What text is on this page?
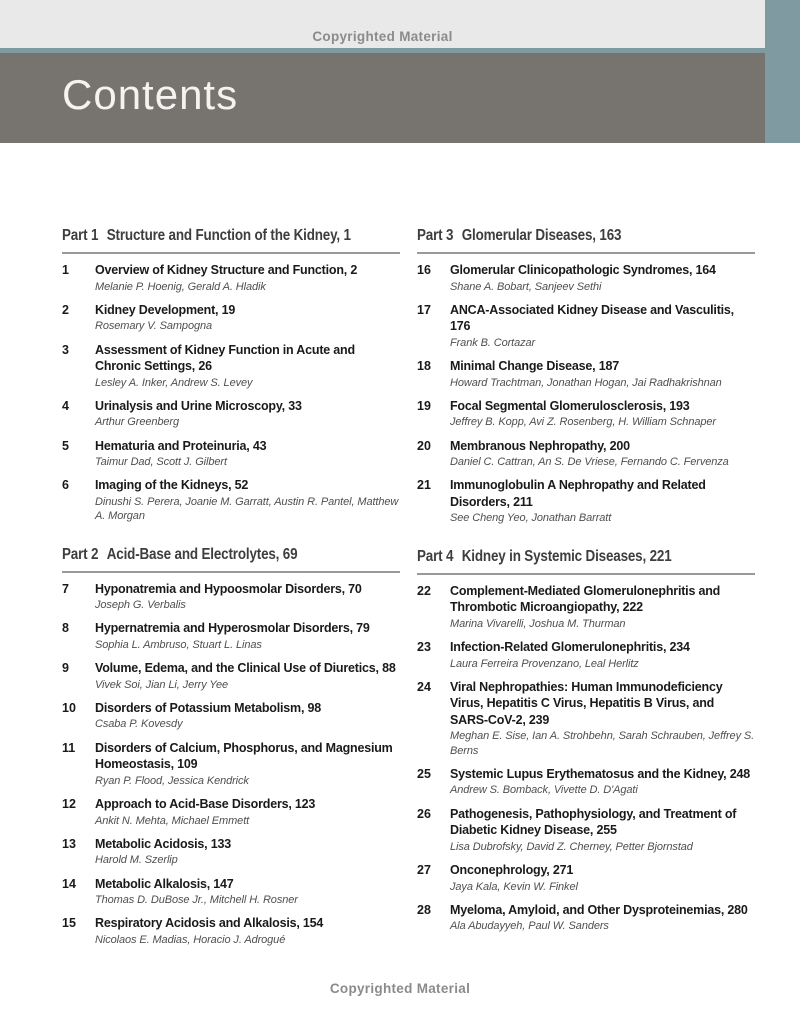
Copyrighted Material
Contents
Part 1 Structure and Function of the Kidney, 1
1	Overview of Kidney Structure and Function, 2
Melanie P. Hoenig, Gerald A. Hladik
2	Kidney Development, 19
Rosemary V. Sampogna
3	Assessment of Kidney Function in Acute and Chronic Settings, 26
Lesley A. Inker, Andrew S. Levey
4	Urinalysis and Urine Microscopy, 33
Arthur Greenberg
5	Hematuria and Proteinuria, 43
Taimur Dad, Scott J. Gilbert
6	Imaging of the Kidneys, 52
Dinushi S. Perera, Joanie M. Garratt, Austin R. Pantel, Matthew A. Morgan
Part 2 Acid-Base and Electrolytes, 69
7	Hyponatremia and Hypoosmolar Disorders, 70
Joseph G. Verbalis
8	Hypernatremia and Hyperosmolar Disorders, 79
Sophia L. Ambruso, Stuart L. Linas
9	Volume, Edema, and the Clinical Use of Diuretics, 88
Vivek Soi, Jian Li, Jerry Yee
10	Disorders of Potassium Metabolism, 98
Csaba P. Kovesdy
11	Disorders of Calcium, Phosphorus, and Magnesium Homeostasis, 109
Ryan P. Flood, Jessica Kendrick
12	Approach to Acid-Base Disorders, 123
Ankit N. Mehta, Michael Emmett
13	Metabolic Acidosis, 133
Harold M. Szerlip
14	Metabolic Alkalosis, 147
Thomas D. DuBose Jr., Mitchell H. Rosner
15	Respiratory Acidosis and Alkalosis, 154
Nicolaos E. Madias, Horacio J. Adrogué
Part 3 Glomerular Diseases, 163
16	Glomerular Clinicopathologic Syndromes, 164
Shane A. Bobart, Sanjeev Sethi
17	ANCA-Associated Kidney Disease and Vasculitis, 176
Frank B. Cortazar
18	Minimal Change Disease, 187
Howard Trachtman, Jonathan Hogan, Jai Radhakrishnan
19	Focal Segmental Glomerulosclerosis, 193
Jeffrey B. Kopp, Avi Z. Rosenberg, H. William Schnaper
20	Membranous Nephropathy, 200
Daniel C. Cattran, An S. De Vriese, Fernando C. Fervenza
21	Immunoglobulin A Nephropathy and Related Disorders, 211
See Cheng Yeo, Jonathan Barratt
Part 4 Kidney in Systemic Diseases, 221
22	Complement-Mediated Glomerulonephritis and Thrombotic Microangiopathy, 222
Marina Vivarelli, Joshua M. Thurman
23	Infection-Related Glomerulonephritis, 234
Laura Ferreira Provenzano, Leal Herlitz
24	Viral Nephropathies: Human Immunodeficiency Virus, Hepatitis C Virus, Hepatitis B Virus, and SARS-CoV-2, 239
Meghan E. Sise, Ian A. Strohbehn, Sarah Schrauben, Jeffrey S. Berns
25	Systemic Lupus Erythematosus and the Kidney, 248
Andrew S. Bomback, Vivette D. D'Agati
26	Pathogenesis, Pathophysiology, and Treatment of Diabetic Kidney Disease, 255
Lisa Dubrofsky, David Z. Cherney, Petter Bjornstad
27	Onconephrology, 271
Jaya Kala, Kevin W. Finkel
28	Myeloma, Amyloid, and Other Dysproteinemias, 280
Ala Abudayyeh, Paul W. Sanders
Copyrighted Material
